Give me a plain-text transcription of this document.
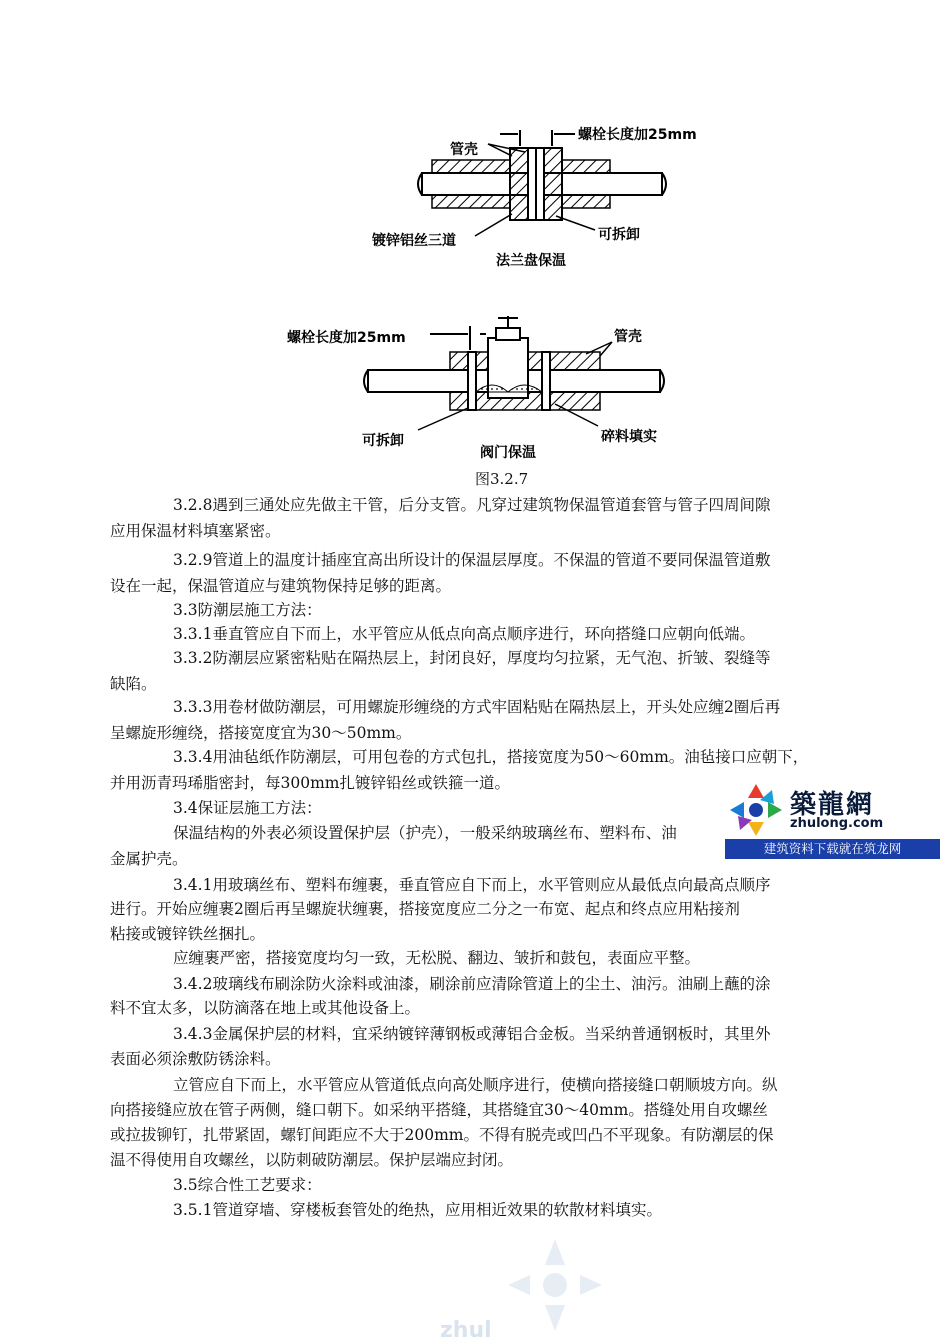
管壳
螺栓长度加25mm
镀锌铝丝三道	可拆卸
法兰盘保温
螺栓长度加25mm	管壳
可拆卸
阀门保温
碎料填实
图3.2.7
3.2.8遇到三通处应先做主干管，后分支管。凡穿过建筑物保温管道套管与管子四周间隙
应用保温材料填塞紧密。
3.2.9管道上的温度计插座宜高出所设计的保温层厚度。不保温的管道不要同保温管道敷
设在一起，保温管道应与建筑物保持足够的距离。
3.3防潮层施工方法：
3.3.1垂直管应自下而上，水平管应从低点向高点顺序进行，环向搭缝口应朝向低端。
3.3.2防潮层应紧密粘贴在隔热层上，封闭良好，厚度均匀拉紧，无气泡、折皱、裂缝等
缺陷。
3.3.3用卷材做防潮层，可用螺旋形缠绕的方式牢固粘贴在隔热层上，开头处应缠2圈后再
呈螺旋形缠绕，搭接宽度宜为30～50mm。
3.3.4用油毡纸作防潮层，可用包卷的方式包扎，搭接宽度为50～60mm。油毡接口应朝下，
并用沥青玛琋脂密封，每300mm扎镀锌铅丝或铁箍一道。
3.4保证层施工方法：
保温结构的外表必须设置保护层（护壳），一般采纳玻璃丝布、塑料布、油
金属护壳。
3.4.1用玻璃丝布、塑料布缠裹，垂直管应自下而上，水平管则应从最低点向最高点顺序
进行。开始应缠裹2圈后再呈螺旋状缠裹，搭接宽度应二分之一布宽、起点和终点应用粘接剂
粘接或镀锌铁丝捆扎。
应缠裹严密，搭接宽度均匀一致，无松脱、翻边、皱折和鼓包，表面应平整。
3.4.2玻璃线布刷涂防火涂料或油漆，刷涂前应清除管道上的尘土、油污。油刷上蘸的涂
料不宜太多，以防滴落在地上或其他设备上。
3.4.3金属保护层的材料，宜采纳镀锌薄钢板或薄铝合金板。当采纳普通钢板时，其里外
表面必须涂敷防锈涂料。
立管应自下而上，水平管应从管道低点向高处顺序进行，使横向搭接缝口朝顺坡方向。纵
向搭接缝应放在管子两侧，缝口朝下。如采纳平搭缝，其搭缝宜30～40mm。搭缝处用自攻螺丝
或拉拔铆钉，扎带紧固，螺钉间距应不大于200mm。不得有脱壳或凹凸不平现象。有防潮层的保
温不得使用自攻螺丝，以防刺破防潮层。保护层端应封闭。
3.5综合性工艺要求：
3.5.1管道穿墙、穿楼板套管处的绝热，应用相近效果的软散材料填实。
築龍網
zhulong.com
建筑资料下载就在筑龙网
zhul
